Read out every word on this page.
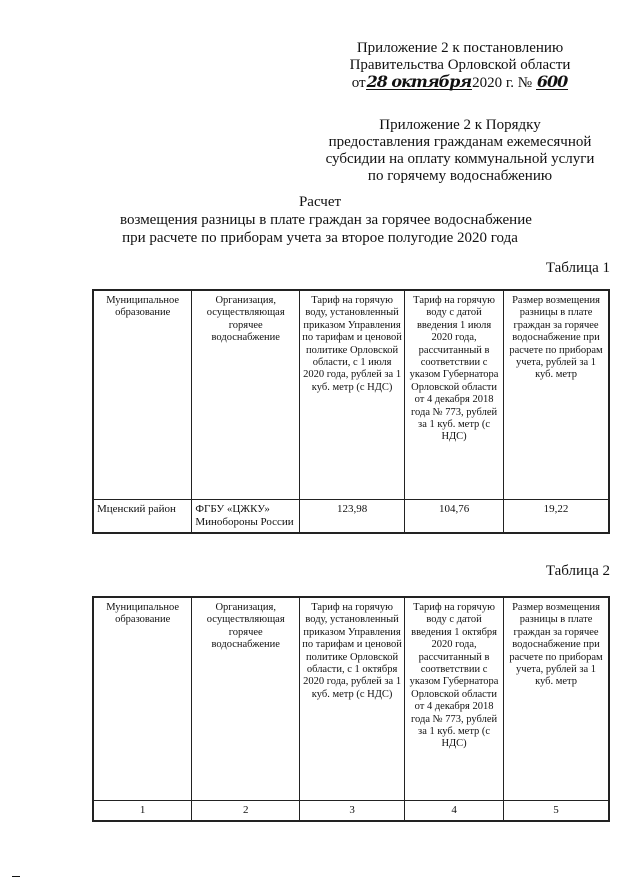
Приложение 2 к постановлению
Правительства Орловской области
от28 октября2020 г. № 600
Приложение 2 к Порядку
предоставления гражданам ежемесячной
субсидии на оплату коммунальной услуги
по горячему водоснабжению
Расчет
возмещения разницы в плате граждан за горячее водоснабжение
при расчете по приборам учета за второе полугодие 2020 года
Таблица 1
Муниципальное образование	Организация, осуществляющая горячее водоснабжение	Тариф на горячую воду, установленный приказом Управления по тарифам и ценовой политике Орловской области, с 1 июля 2020 года, рублей за 1 куб. метр (с НДС)	Тариф на горячую воду с датой введения 1 июля 2020 года, рассчитанный в соответствии с указом Губернатора Орловской области от 4 декабря 2018 года № 773, рублей за 1 куб. метр (с НДС)	Размер возмещения разницы в плате граждан за горячее водоснабжение при расчете по приборам учета, рублей за 1 куб. метр
Мценский район	ФГБУ «ЦЖКУ» Минобороны России	123,98	104,76	19,22
Таблица 2
Муниципальное образование	Организация, осуществляющая горячее водоснабжение	Тариф на горячую воду, установленный приказом Управления по тарифам и ценовой политике Орловской области, с 1 октября 2020 года, рублей за 1 куб. метр (с НДС)	Тариф на горячую воду с датой введения 1 октября 2020 года, рассчитанный в соответствии с указом Губернатора Орловской области от 4 декабря 2018 года № 773, рублей за 1 куб. метр (с НДС)	Размер возмещения разницы в плате граждан за горячее водоснабжение при расчете по приборам учета, рублей за 1 куб. метр
1	2	3	4	5
